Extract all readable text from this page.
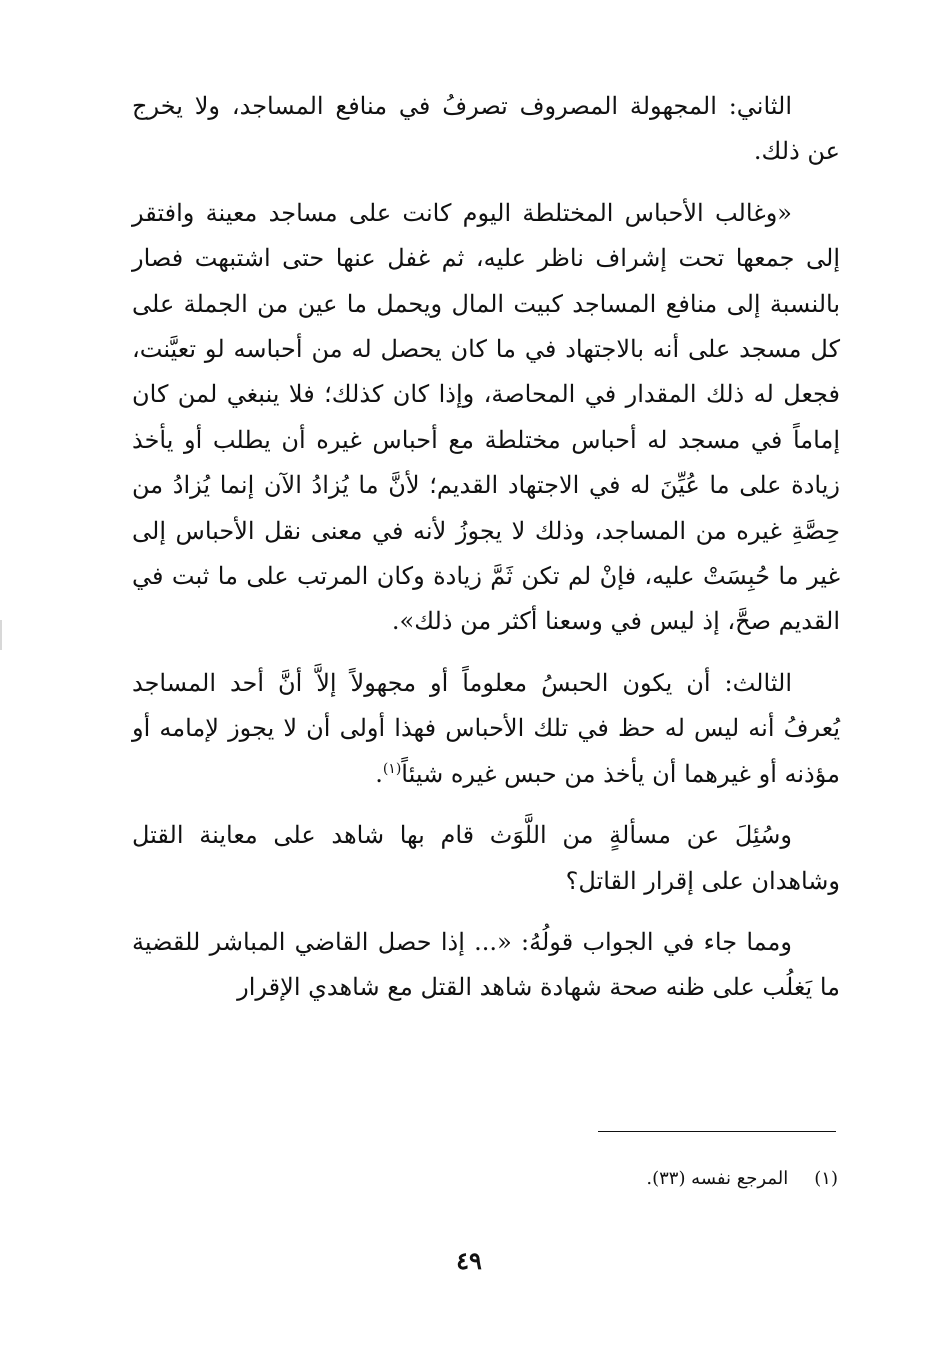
الثاني: المجهولة المصروف تصرفُ في منافع المساجد، ولا يخرج عن ذلك.

«وغالب الأحباس المختلطة اليوم كانت على مساجد معينة وافتقر إلى جمعها تحت إشراف ناظر عليه، ثم غفل عنها حتى اشتبهت فصار بالنسبة إلى منافع المساجد كبيت المال ويحمل ما عين من الجملة على كل مسجد على أنه بالاجتهاد في ما كان يحصل له من أحباسه لو تعيَّنت، فجعل له ذلك المقدار في المحاصة، وإذا كان كذلك؛ فلا ينبغي لمن كان إماماً في مسجد له أحباس مختلطة مع أحباس غيره أن يطلب أو يأخذ زيادة على ما عُيِّنَ له في الاجتهاد القديم؛ لأنَّ ما يُزادُ الآن إنما يُزادُ من حِصَّةِ غيره من المساجد، وذلك لا يجوزُ لأنه في معنى نقل الأحباس إلى غير ما حُبِسَتْ عليه، فإنْ لم تكن ثَمَّ زيادة وكان المرتب على ما ثبت في القديم صحَّ، إذ ليس في وسعنا أكثر من ذلك».

الثالث: أن يكون الحبسُ معلوماً أو مجهولاً إلاَّ أنَّ أحد المساجد يُعرفُ أنه ليس له حظ في تلك الأحباس فهذا أولى أن لا يجوز لإمامه أو مؤذنه أو غيرهما أن يأخذ من حبس غيره شيئاً$^{(١)}$.

وسُئِلَ عن مسألةٍ من اللَّوَث قام بها شاهد على معاينة القتل وشاهدان على إقرار القاتل؟

ومما جاء في الجواب قولُهُ: «... إذا حصل القاضي المباشر للقضية ما يَغلُب على ظنه صحة شهادة شاهد القتل مع شاهدي الإقرار

(١)المرجع نفسه (٣٣).
٤٩
